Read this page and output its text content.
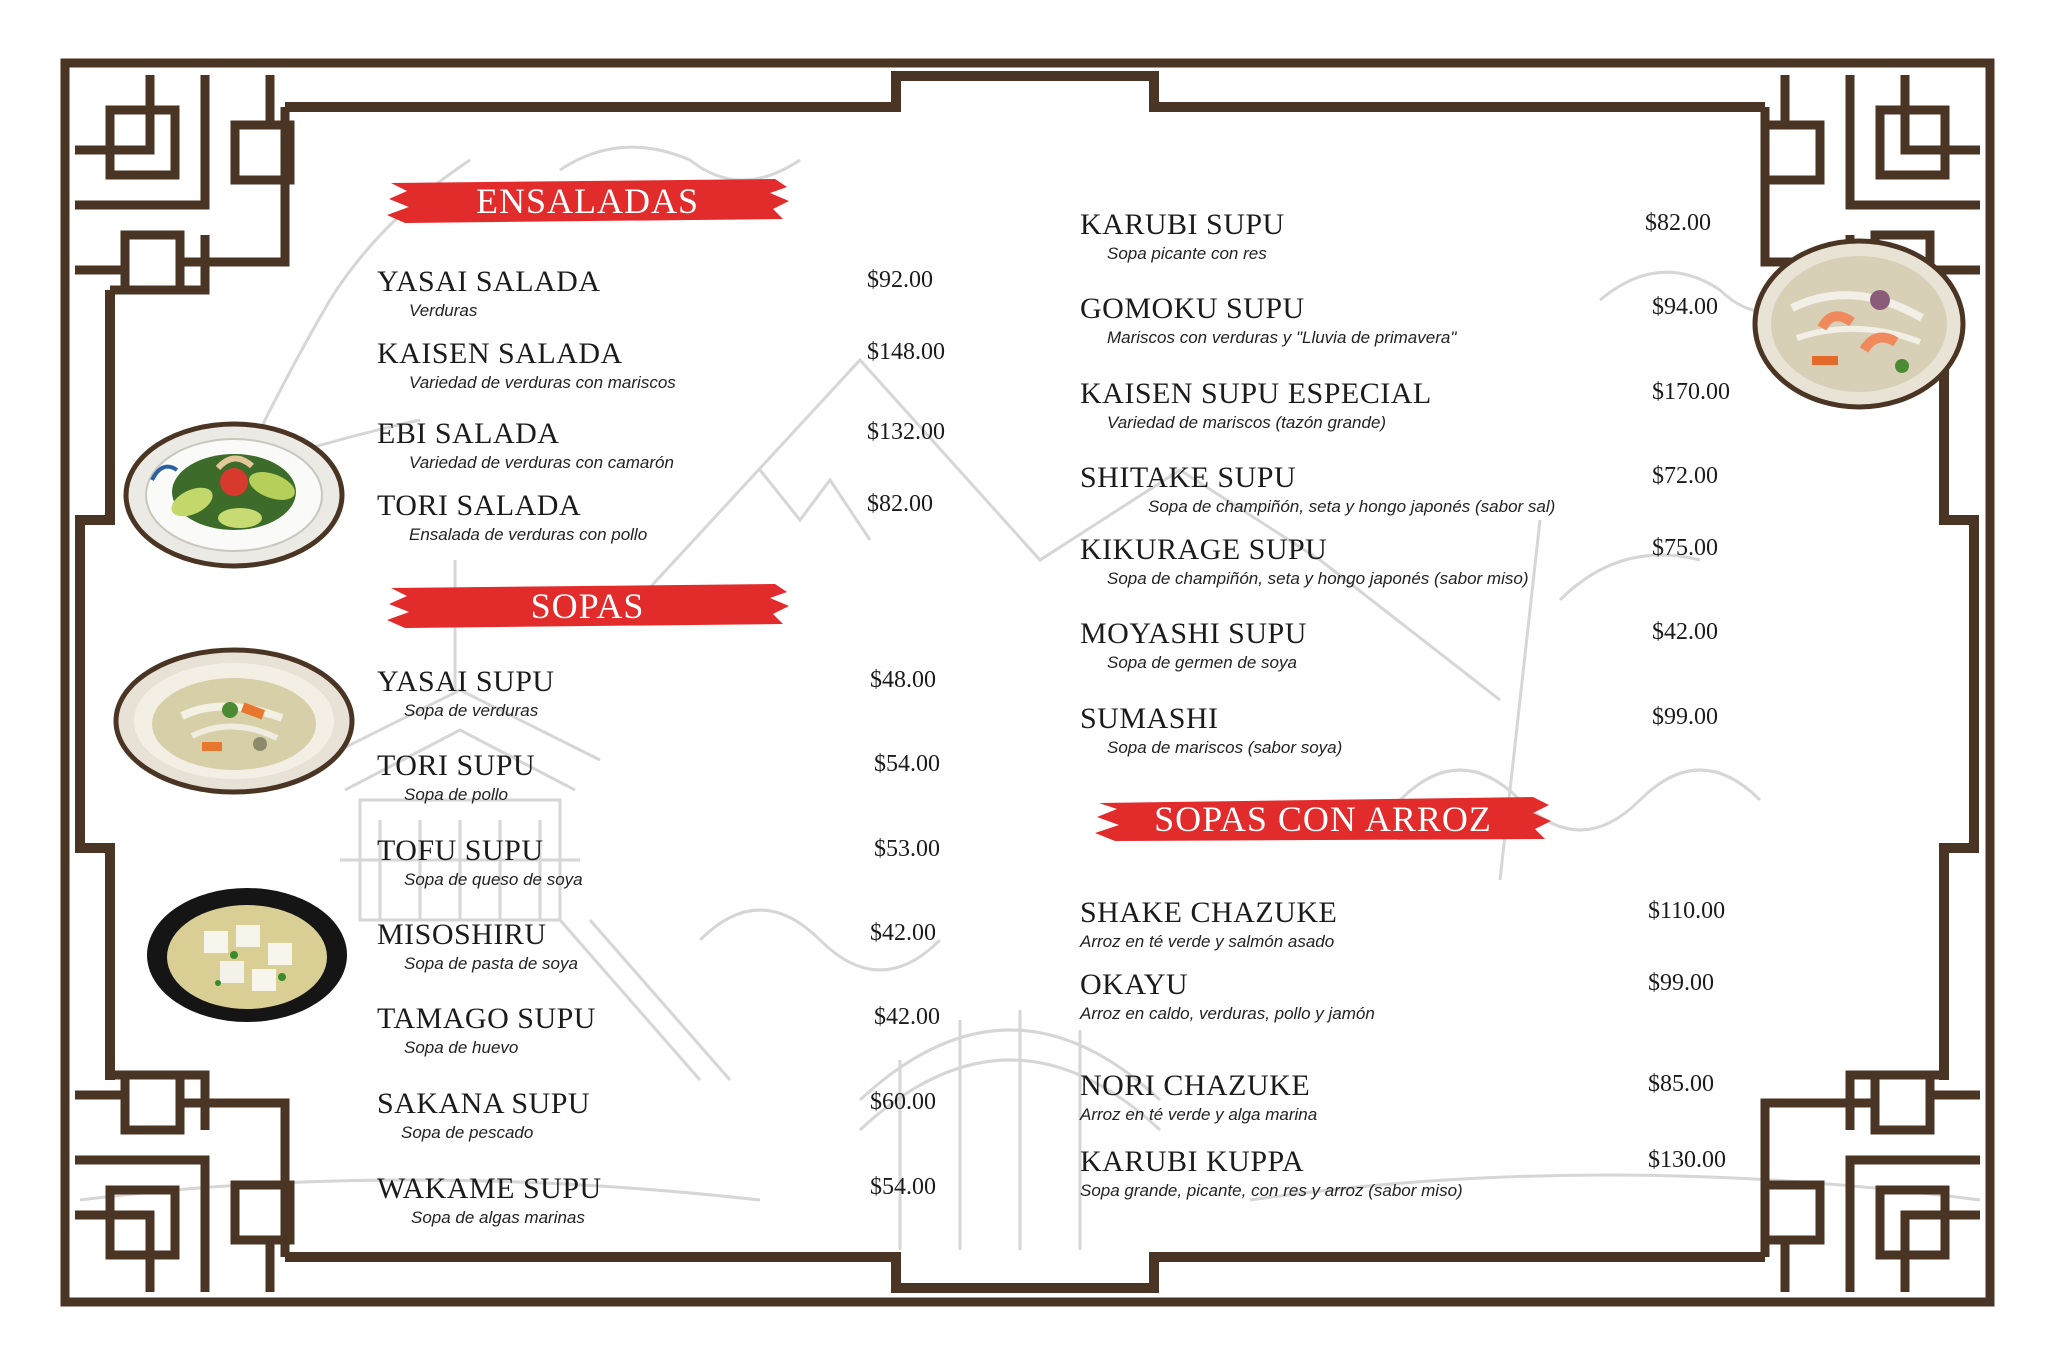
ENSALADAS
SOPAS
SOPAS CON ARROZ
YASAI SALADA
Verduras
$92.00
KAISEN SALADA
Variedad de verduras con mariscos
$148.00
EBI SALADA
Variedad de verduras con camarón
$132.00
TORI SALADA
Ensalada de verduras con pollo
$82.00
YASAI SUPU
Sopa de verduras
$48.00
TORI SUPU
Sopa de pollo
$54.00
TOFU SUPU
Sopa de queso de soya
$53.00
MISOSHIRU
Sopa de pasta de soya
$42.00
TAMAGO SUPU
Sopa de huevo
$42.00
SAKANA SUPU
Sopa de pescado
$60.00
WAKAME SUPU
Sopa de algas marinas
$54.00
KARUBI SUPU
Sopa picante con res
$82.00
GOMOKU SUPU
Mariscos con verduras y "Lluvia de primavera"
$94.00
KAISEN SUPU ESPECIAL
Variedad de mariscos (tazón grande)
$170.00
SHITAKE SUPU
Sopa de champiñón, seta y hongo japonés (sabor sal)
$72.00
KIKURAGE SUPU
Sopa de champiñón, seta y hongo japonés (sabor miso)
$75.00
MOYASHI SUPU
Sopa de germen de soya
$42.00
SUMASHI
Sopa de mariscos (sabor soya)
$99.00
SHAKE CHAZUKE
Arroz en té verde y salmón asado
$110.00
OKAYU
Arroz en caldo, verduras, pollo y jamón
$99.00
NORI CHAZUKE
Arroz en té verde y alga marina
$85.00
KARUBI KUPPA
Sopa grande, picante, con res y arroz (sabor miso)
$130.00
